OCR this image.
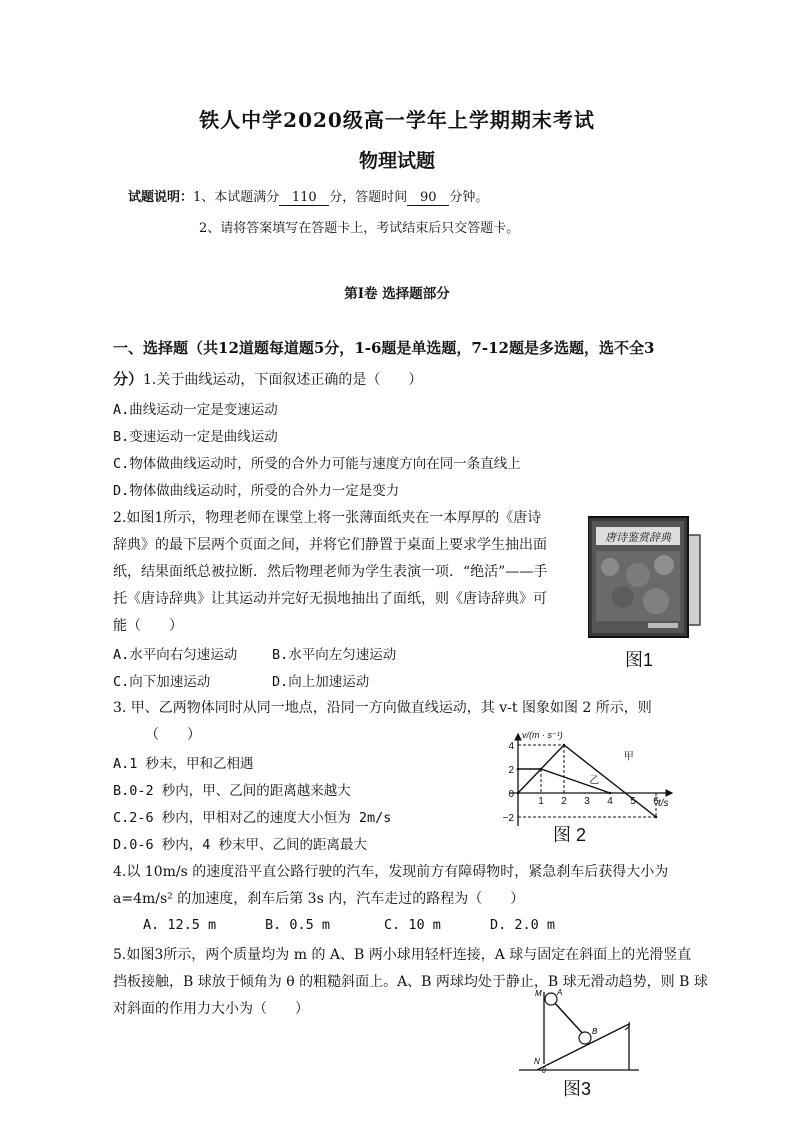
铁人中学2020级高一学年上学期期末考试
物理试题
试题说明：1、本试题满分 110 分，答题时间 90 分钟。
2、请将答案填写在答题卡上，考试结束后只交答题卡。
第Ⅰ卷 选择题部分
一、选择题（共12道题每道题5分，1-6题是单选题，7-12题是多选题，选不全3
分）1.关于曲线运动，下面叙述正确的是（　　）
A.曲线运动一定是变速运动
B.变速运动一定是曲线运动
C.物体做曲线运动时，所受的合外力可能与速度方向在同一条直线上
D.物体做曲线运动时，所受的合外力一定是变力
2.如图1所示，物理老师在课堂上将一张薄面纸夹在一本厚厚的《唐诗
辞典》的最下层两个页面之间，并将它们静置于桌面上要求学生抽出面
纸，结果面纸总被拉断．然后物理老师为学生表演一项．“绝活”——手
托《唐诗辞典》让其运动并完好无损地抽出了面纸，则《唐诗辞典》可
能（　　）
A.水平向右匀速运动	B.水平向左匀速运动
C.向下加速运动	D.向上加速运动
唐诗鉴赏辞典
图1
3. 甲、乙两物体同时从同一地点，沿同一方向做直线运动，其 v-t 图象如图 2 所示，则
（　　）
A.1 秒末，甲和乙相遇
B.0-2 秒内，甲、乙间的距离越来越大
C.2-6 秒内，甲相对乙的速度大小恒为 2m/s
D.0-6 秒内，4 秒末甲、乙间的距离最大
1 2 3 4 5 6
4
2
0
−2
甲
乙
v/(m · s⁻¹)
t/s
图 2
4.以 10m/s 的速度沿平直公路行驶的汽车，发现前方有障碍物时，紧急刹车后获得大小为
a=4m/s² 的加速度，刹车后第 3s 内，汽车走过的路程为（　　）
A. 12.5 m	B. 0.5 m	C. 10 m	D. 2.0 m
5.如图3所示，两个质量均为 m 的 A、B 两小球用轻杆连接，A 球与固定在斜面上的光滑竖直
挡板接触，B 球放于倾角为 θ 的粗糙斜面上。A、B 两球均处于静止，B 球无滑动趋势，则 B 球
对斜面的作用力大小为（　　）
M A
B
N
θ
图3
